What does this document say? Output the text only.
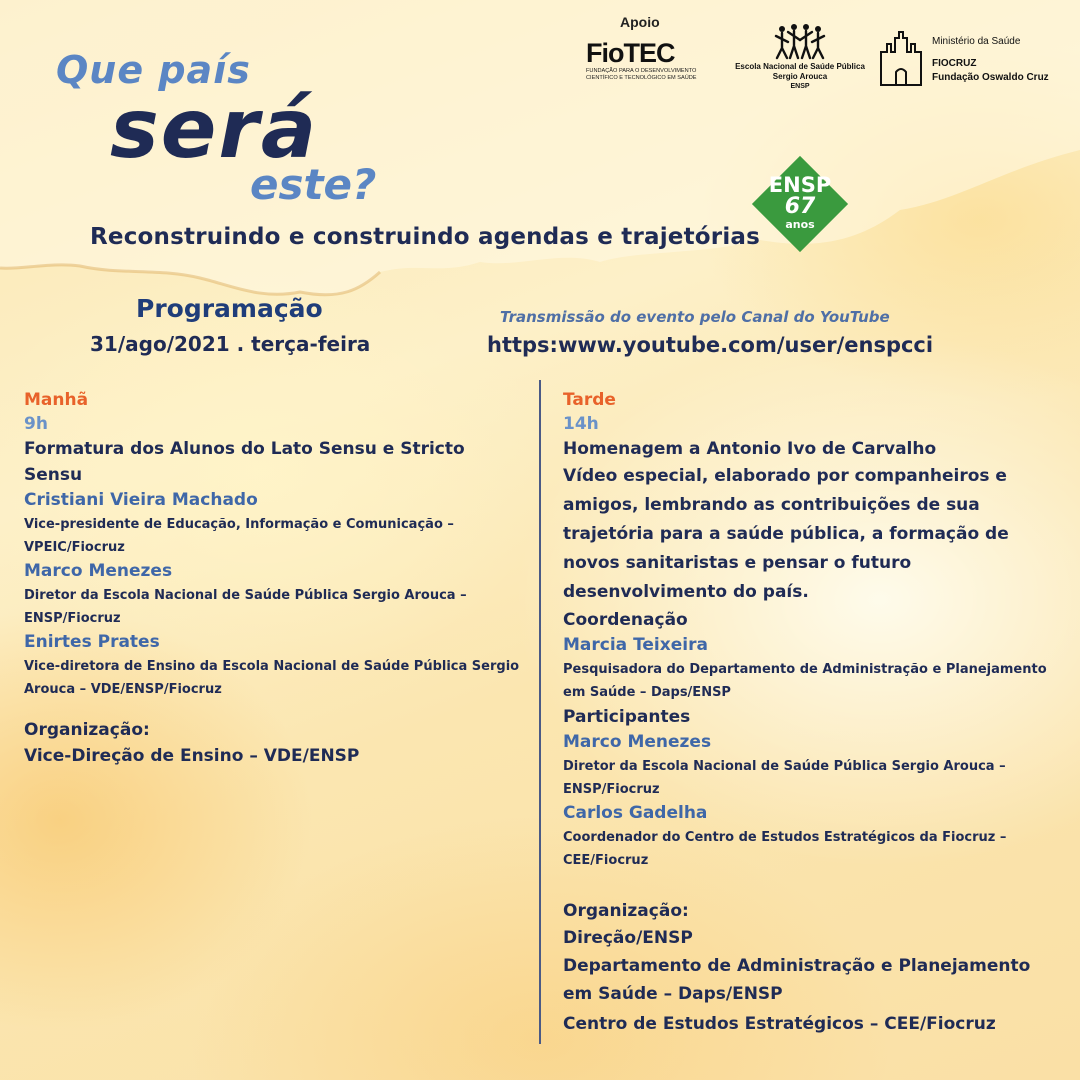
Que país
será
este?
Reconstruindo e construindo agendas e trajetórias
Apoio
FioTEC
FUNDAÇÃO PARA O DESENVOLVIMENTO
CIENTÍFICO E TECNOLÓGICO EM SAÚDE
Escola Nacional de Saúde Pública
Sergio Arouca
ENSP
Ministério da Saúde
FIOCRUZ
Fundação Oswaldo Cruz
ENSP
67
anos
Programação
31/ago/2021 . terça-feira
Transmissão do evento pelo Canal do YouTube
https:www.youtube.com/user/enspcci
Manhã
9h
Formatura dos Alunos do Lato Sensu e Stricto Sensu
Cristiani Vieira Machado
Vice-presidente de Educação, Informação e Comunicação – VPEIC/Fiocruz
Marco Menezes
Diretor da Escola Nacional de Saúde Pública Sergio Arouca – ENSP/Fiocruz
Enirtes Prates
Vice-diretora de Ensino da Escola Nacional de Saúde Pública Sergio Arouca – VDE/ENSP/Fiocruz
Organização:
Vice-Direção de Ensino – VDE/ENSP
Tarde
14h
Homenagem a Antonio Ivo de Carvalho
Vídeo especial, elaborado por companheiros e amigos, lembrando as contribuições de sua trajetória para a saúde pública, a formação de novos sanitaristas e pensar o futuro desenvolvimento do país.
Coordenação
Marcia Teixeira
Pesquisadora do Departamento de Administração e Planejamento em Saúde – Daps/ENSP
Participantes
Marco Menezes
Diretor da Escola Nacional de Saúde Pública Sergio Arouca – ENSP/Fiocruz
Carlos Gadelha
Coordenador do Centro de Estudos Estratégicos da Fiocruz – CEE/Fiocruz
Organização:
Direção/ENSP
Departamento de Administração e Planejamento em Saúde – Daps/ENSP
Centro de Estudos Estratégicos – CEE/Fiocruz
